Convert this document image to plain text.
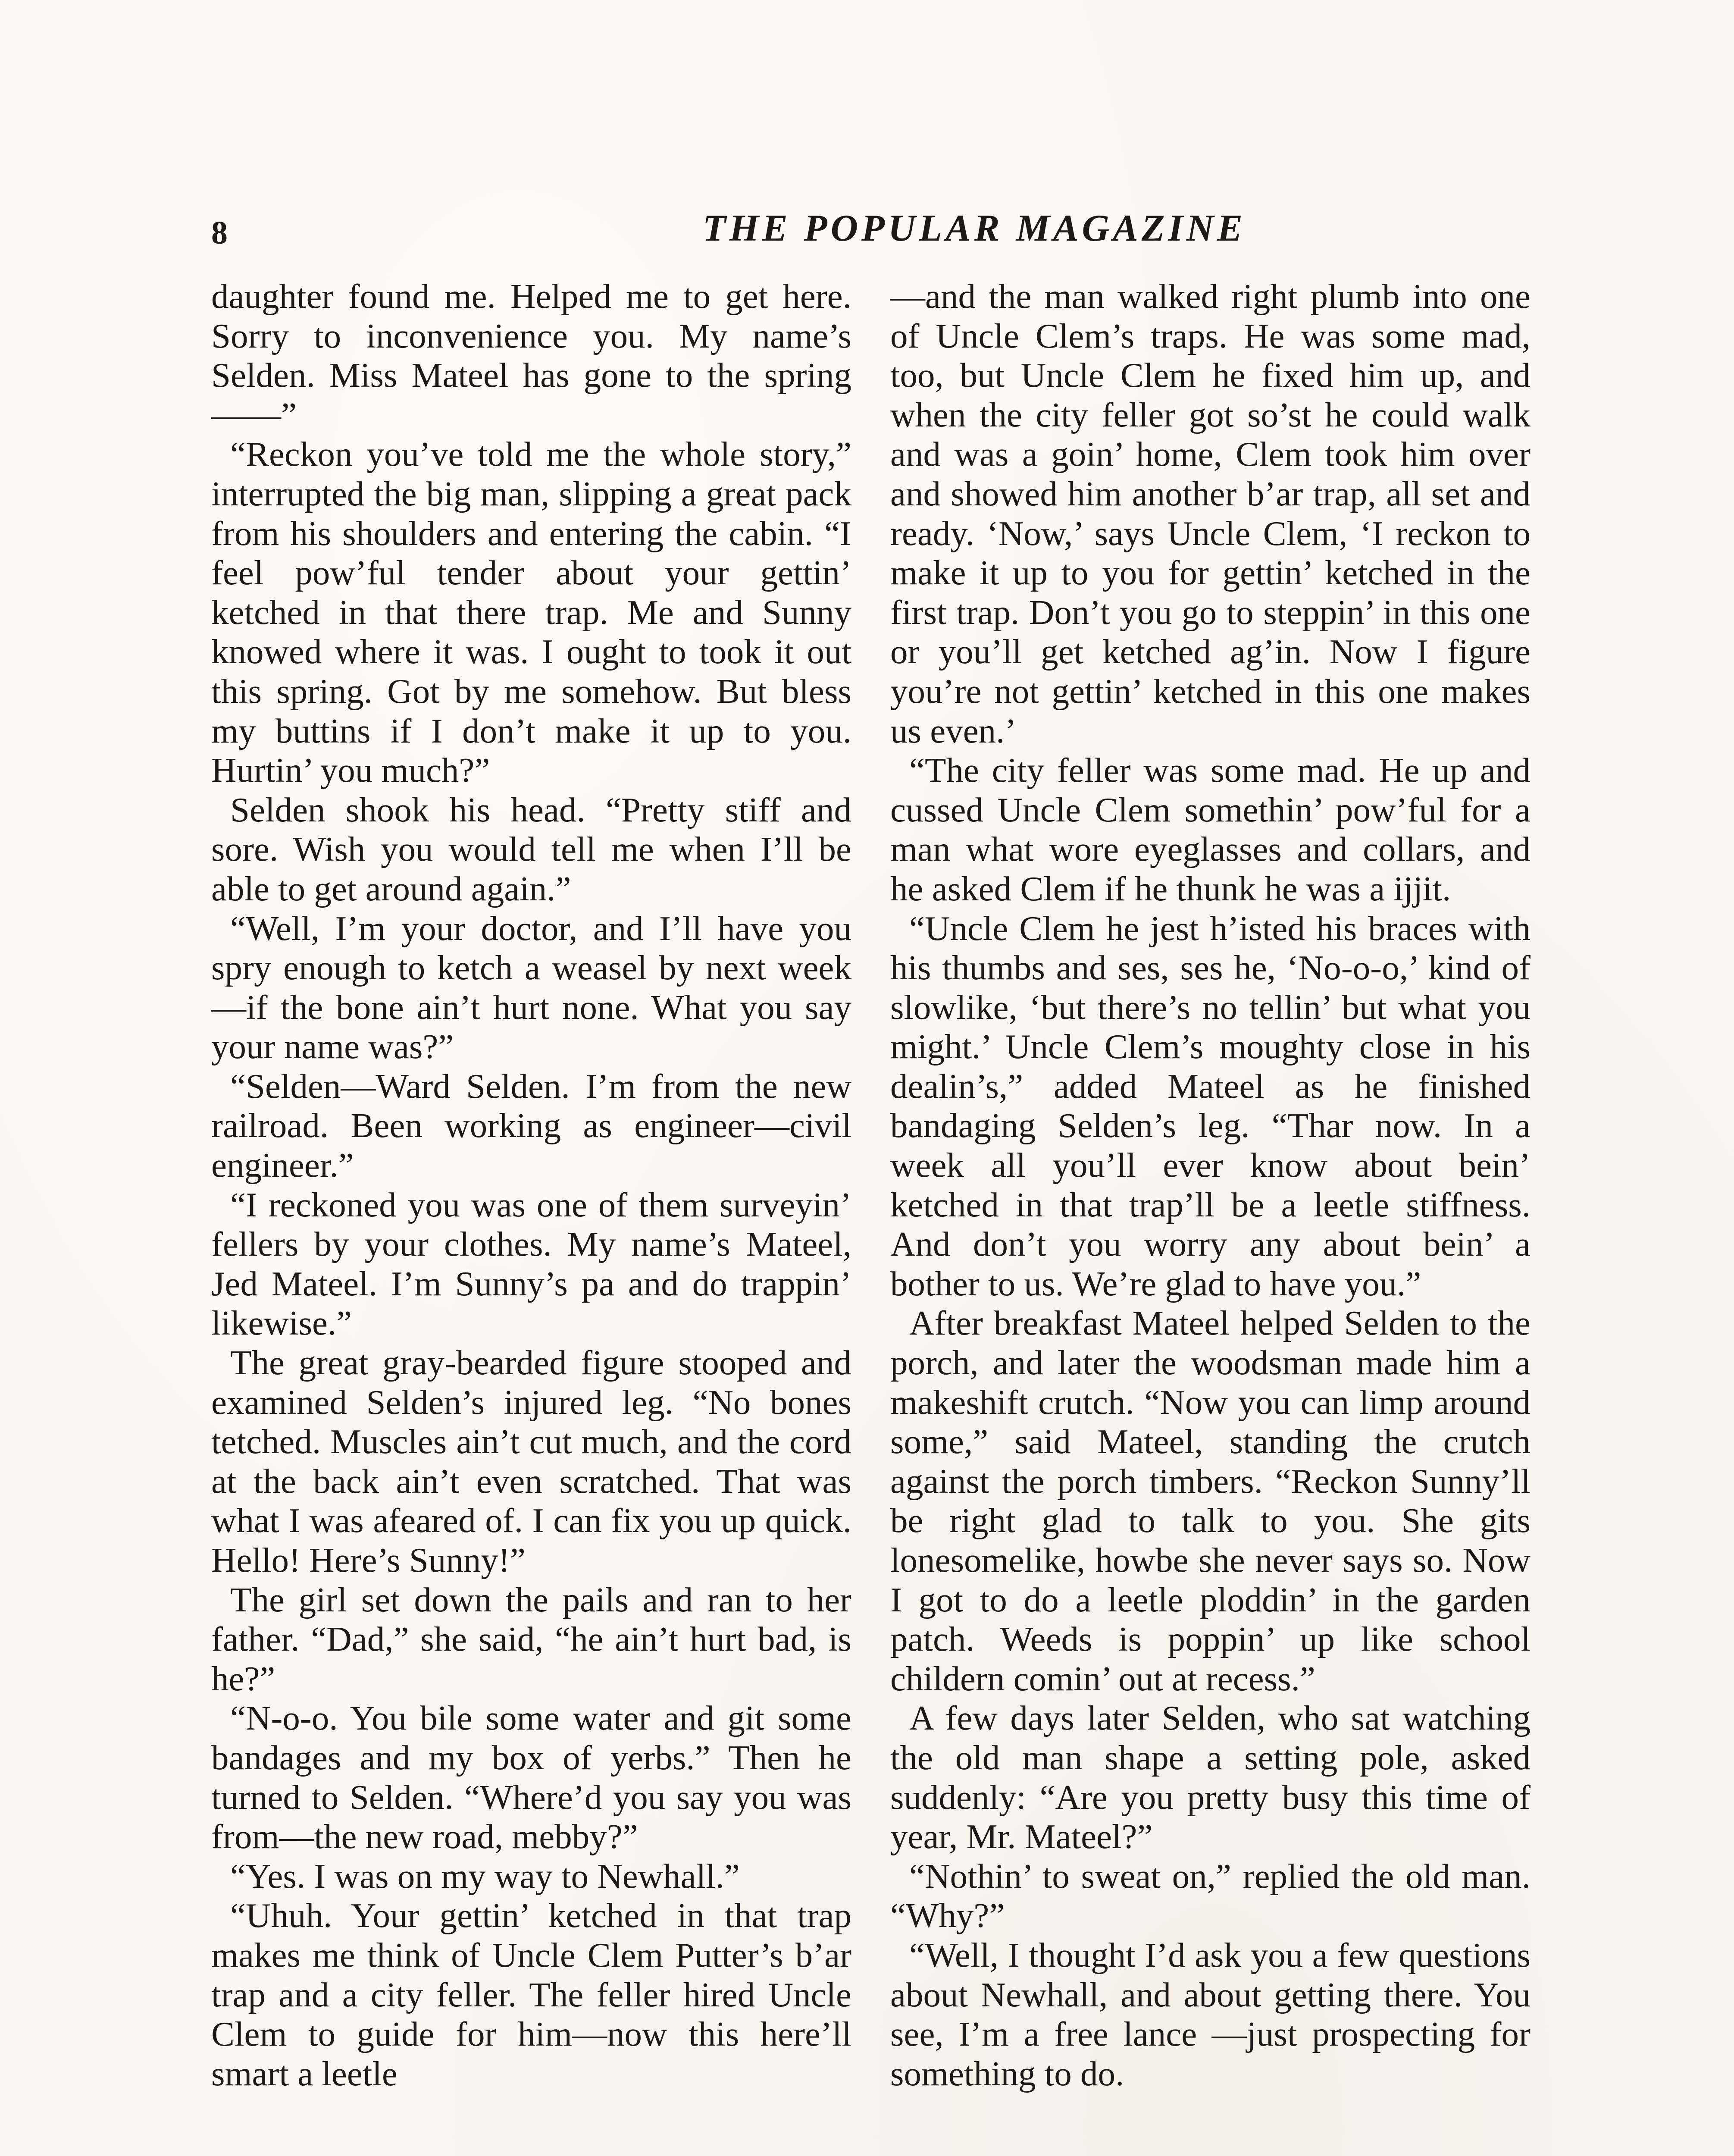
8	THE POPULAR MAGAZINE

daughter found me. Helped me to get here. Sorry to inconvenience you. My name’s Selden. Miss Mateel has gone to the spring——”

“Reckon you’ve told me the whole story,” interrupted the big man, slipping a great pack from his shoulders and entering the cabin. “I feel pow’ful tender about your gettin’ ketched in that there trap. Me and Sunny knowed where it was. I ought to took it out this spring. Got by me somehow. But bless my buttins if I don’t make it up to you. Hurtin’ you much?”

Selden shook his head. “Pretty stiff and sore. Wish you would tell me when I’ll be able to get around again.”

“Well, I’m your doctor, and I’ll have you spry enough to ketch a weasel by next week—if the bone ain’t hurt none. What you say your name was?”

“Selden—Ward Selden. I’m from the new railroad. Been working as engineer—civil engineer.”

“I reckoned you was one of them surveyin’ fellers by your clothes. My name’s Mateel, Jed Mateel. I’m Sunny’s pa and do trappin’ likewise.”

The great gray-bearded figure stooped and examined Selden’s injured leg. “No bones tetched. Muscles ain’t cut much, and the cord at the back ain’t even scratched. That was what I was afeared of. I can fix you up quick. Hello! Here’s Sunny!”

The girl set down the pails and ran to her father. “Dad,” she said, “he ain’t hurt bad, is he?”

“N-o-o. You bile some water and git some bandages and my box of yerbs.” Then he turned to Selden. “Where’d you say you was from—the new road, mebby?”

“Yes. I was on my way to Newhall.”

“Uhuh. Your gettin’ ketched in that trap makes me think of Uncle Clem Putter’s b’ar trap and a city feller. The feller hired Uncle Clem to guide for him—now this here’ll smart a leetle

—and the man walked right plumb into one of Uncle Clem’s traps. He was some mad, too, but Uncle Clem he fixed him up, and when the city feller got so’st he could walk and was a goin’ home, Clem took him over and showed him another b’ar trap, all set and ready. ‘Now,’ says Uncle Clem, ‘I reckon to make it up to you for gettin’ ketched in the first trap. Don’t you go to steppin’ in this one or you’ll get ketched ag’in. Now I figure you’re not gettin’ ketched in this one makes us even.’

“The city feller was some mad. He up and cussed Uncle Clem somethin’ pow’ful for a man what wore eyeglasses and collars, and he asked Clem if he thunk he was a ijjit.

“Uncle Clem he jest h’isted his braces with his thumbs and ses, ses he, ‘No-o-o,’ kind of slowlike, ‘but there’s no tellin’ but what you might.’ Uncle Clem’s moughty close in his dealin’s,” added Mateel as he finished bandaging Selden’s leg. “Thar now. In a week all you’ll ever know about bein’ ketched in that trap’ll be a leetle stiffness. And don’t you worry any about bein’ a bother to us. We’re glad to have you.”

After breakfast Mateel helped Selden to the porch, and later the woodsman made him a makeshift crutch. “Now you can limp around some,” said Mateel, standing the crutch against the porch timbers. “Reckon Sunny’ll be right glad to talk to you. She gits lonesomelike, howbe she never says so. Now I got to do a leetle ploddin’ in the garden patch. Weeds is poppin’ up like school childern comin’ out at recess.”

A few days later Selden, who sat watching the old man shape a setting pole, asked suddenly: “Are you pretty busy this time of year, Mr. Mateel?”

“Nothin’ to sweat on,” replied the old man. “Why?”

“Well, I thought I’d ask you a few questions about Newhall, and about getting there. You see, I’m a free lance —just prospecting for something to do.
